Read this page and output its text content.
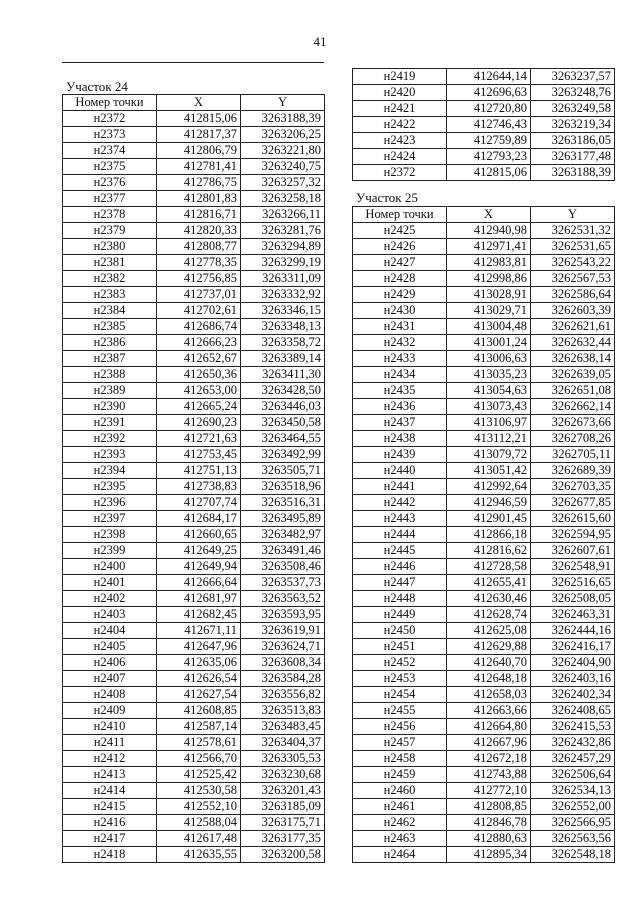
41
Участок 24
Номер точки	X	Y
н2372	412815,06	3263188,39
н2373	412817,37	3263206,25
н2374	412806,79	3263221,80
н2375	412781,41	3263240,75
н2376	412786,75	3263257,32
н2377	412801,83	3263258,18
н2378	412816,71	3263266,11
н2379	412820,33	3263281,76
н2380	412808,77	3263294,89
н2381	412778,35	3263299,19
н2382	412756,85	3263311,09
н2383	412737,01	3263332,92
н2384	412702,61	3263346,15
н2385	412686,74	3263348,13
н2386	412666,23	3263358,72
н2387	412652,67	3263389,14
н2388	412650,36	3263411,30
н2389	412653,00	3263428,50
н2390	412665,24	3263446,03
н2391	412690,23	3263450,58
н2392	412721,63	3263464,55
н2393	412753,45	3263492,99
н2394	412751,13	3263505,71
н2395	412738,83	3263518,96
н2396	412707,74	3263516,31
н2397	412684,17	3263495,89
н2398	412660,65	3263482,97
н2399	412649,25	3263491,46
н2400	412649,94	3263508,46
н2401	412666,64	3263537,73
н2402	412681,97	3263563,52
н2403	412682,45	3263593,95
н2404	412671,11	3263619,91
н2405	412647,96	3263624,71
н2406	412635,06	3263608,34
н2407	412626,54	3263584,28
н2408	412627,54	3263556,82
н2409	412608,85	3263513,83
н2410	412587,14	3263483,45
н2411	412578,61	3263404,37
н2412	412566,70	3263305,53
н2413	412525,42	3263230,68
н2414	412530,58	3263201,43
н2415	412552,10	3263185,09
н2416	412588,04	3263175,71
н2417	412617,48	3263177,35
н2418	412635,55	3263200,58
н2419	412644,14	3263237,57
н2420	412696,63	3263248,76
н2421	412720,80	3263249,58
н2422	412746,43	3263219,34
н2423	412759,89	3263186,05
н2424	412793,23	3263177,48
н2372	412815,06	3263188,39
Участок 25
Номер точки	X	Y
н2425	412940,98	3262531,32
н2426	412971,41	3262531,65
н2427	412983,81	3262543,22
н2428	412998,86	3262567,53
н2429	413028,91	3262586,64
н2430	413029,71	3262603,39
н2431	413004,48	3262621,61
н2432	413001,24	3262632,44
н2433	413006,63	3262638,14
н2434	413035,23	3262639,05
н2435	413054,63	3262651,08
н2436	413073,43	3262662,14
н2437	413106,97	3262673,66
н2438	413112,21	3262708,26
н2439	413079,72	3262705,11
н2440	413051,42	3262689,39
н2441	412992,64	3262703,35
н2442	412946,59	3262677,85
н2443	412901,45	3262615,60
н2444	412866,18	3262594,95
н2445	412816,62	3262607,61
н2446	412728,58	3262548,91
н2447	412655,41	3262516,65
н2448	412630,46	3262508,05
н2449	412628,74	3262463,31
н2450	412625,08	3262444,16
н2451	412629,88	3262416,17
н2452	412640,70	3262404,90
н2453	412648,18	3262403,16
н2454	412658,03	3262402,34
н2455	412663,66	3262408,65
н2456	412664,80	3262415,53
н2457	412667,96	3262432,86
н2458	412672,18	3262457,29
н2459	412743,88	3262506,64
н2460	412772,10	3262534,13
н2461	412808,85	3262552,00
н2462	412846,78	3262566,95
н2463	412880,63	3262563,56
н2464	412895,34	3262548,18
